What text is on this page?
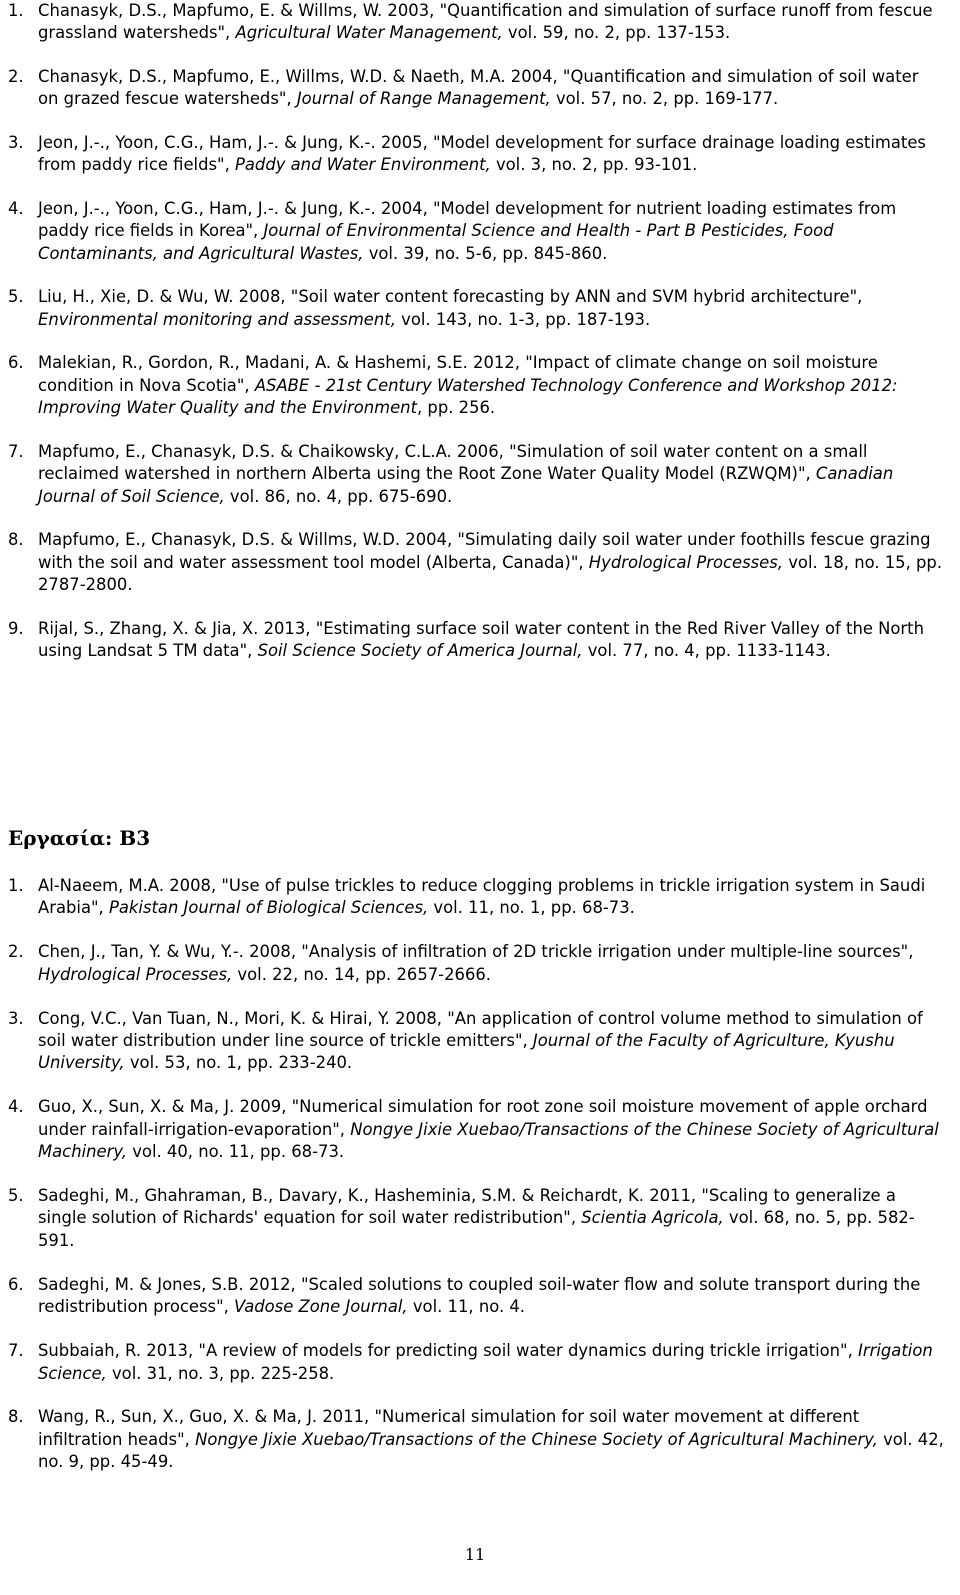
1. Chanasyk, D.S., Mapfumo, E. & Willms, W. 2003, "Quantification and simulation of surface runoff from fescue grassland watersheds", Agricultural Water Management, vol. 59, no. 2, pp. 137-153.
2. Chanasyk, D.S., Mapfumo, E., Willms, W.D. & Naeth, M.A. 2004, "Quantification and simulation of soil water on grazed fescue watersheds", Journal of Range Management, vol. 57, no. 2, pp. 169-177.
3. Jeon, J.-., Yoon, C.G., Ham, J.-. & Jung, K.-. 2005, "Model development for surface drainage loading estimates from paddy rice fields", Paddy and Water Environment, vol. 3, no. 2, pp. 93-101.
4. Jeon, J.-., Yoon, C.G., Ham, J.-. & Jung, K.-. 2004, "Model development for nutrient loading estimates from paddy rice fields in Korea", Journal of Environmental Science and Health - Part B Pesticides, Food Contaminants, and Agricultural Wastes, vol. 39, no. 5-6, pp. 845-860.
5. Liu, H., Xie, D. & Wu, W. 2008, "Soil water content forecasting by ANN and SVM hybrid architecture", Environmental monitoring and assessment, vol. 143, no. 1-3, pp. 187-193.
6. Malekian, R., Gordon, R., Madani, A. & Hashemi, S.E. 2012, "Impact of climate change on soil moisture condition in Nova Scotia", ASABE - 21st Century Watershed Technology Conference and Workshop 2012: Improving Water Quality and the Environment, pp. 256.
7. Mapfumo, E., Chanasyk, D.S. & Chaikowsky, C.L.A. 2006, "Simulation of soil water content on a small reclaimed watershed in northern Alberta using the Root Zone Water Quality Model (RZWQM)", Canadian Journal of Soil Science, vol. 86, no. 4, pp. 675-690.
8. Mapfumo, E., Chanasyk, D.S. & Willms, W.D. 2004, "Simulating daily soil water under foothills fescue grazing with the soil and water assessment tool model (Alberta, Canada)", Hydrological Processes, vol. 18, no. 15, pp. 2787-2800.
9. Rijal, S., Zhang, X. & Jia, X. 2013, "Estimating surface soil water content in the Red River Valley of the North using Landsat 5 TM data", Soil Science Society of America Journal, vol. 77, no. 4, pp. 1133-1143.
Εργασία: B3
1. Al-Naeem, M.A. 2008, "Use of pulse trickles to reduce clogging problems in trickle irrigation system in Saudi Arabia", Pakistan Journal of Biological Sciences, vol. 11, no. 1, pp. 68-73.
2. Chen, J., Tan, Y. & Wu, Y.-. 2008, "Analysis of infiltration of 2D trickle irrigation under multiple-line sources", Hydrological Processes, vol. 22, no. 14, pp. 2657-2666.
3. Cong, V.C., Van Tuan, N., Mori, K. & Hirai, Y. 2008, "An application of control volume method to simulation of soil water distribution under line source of trickle emitters", Journal of the Faculty of Agriculture, Kyushu University, vol. 53, no. 1, pp. 233-240.
4. Guo, X., Sun, X. & Ma, J. 2009, "Numerical simulation for root zone soil moisture movement of apple orchard under rainfall-irrigation-evaporation", Nongye Jixie Xuebao/Transactions of the Chinese Society of Agricultural Machinery, vol. 40, no. 11, pp. 68-73.
5. Sadeghi, M., Ghahraman, B., Davary, K., Hasheminia, S.M. & Reichardt, K. 2011, "Scaling to generalize a single solution of Richards' equation for soil water redistribution", Scientia Agricola, vol. 68, no. 5, pp. 582-591.
6. Sadeghi, M. & Jones, S.B. 2012, "Scaled solutions to coupled soil-water flow and solute transport during the redistribution process", Vadose Zone Journal, vol. 11, no. 4.
7. Subbaiah, R. 2013, "A review of models for predicting soil water dynamics during trickle irrigation", Irrigation Science, vol. 31, no. 3, pp. 225-258.
8. Wang, R., Sun, X., Guo, X. & Ma, J. 2011, "Numerical simulation for soil water movement at different infiltration heads", Nongye Jixie Xuebao/Transactions of the Chinese Society of Agricultural Machinery, vol. 42, no. 9, pp. 45-49.
11
